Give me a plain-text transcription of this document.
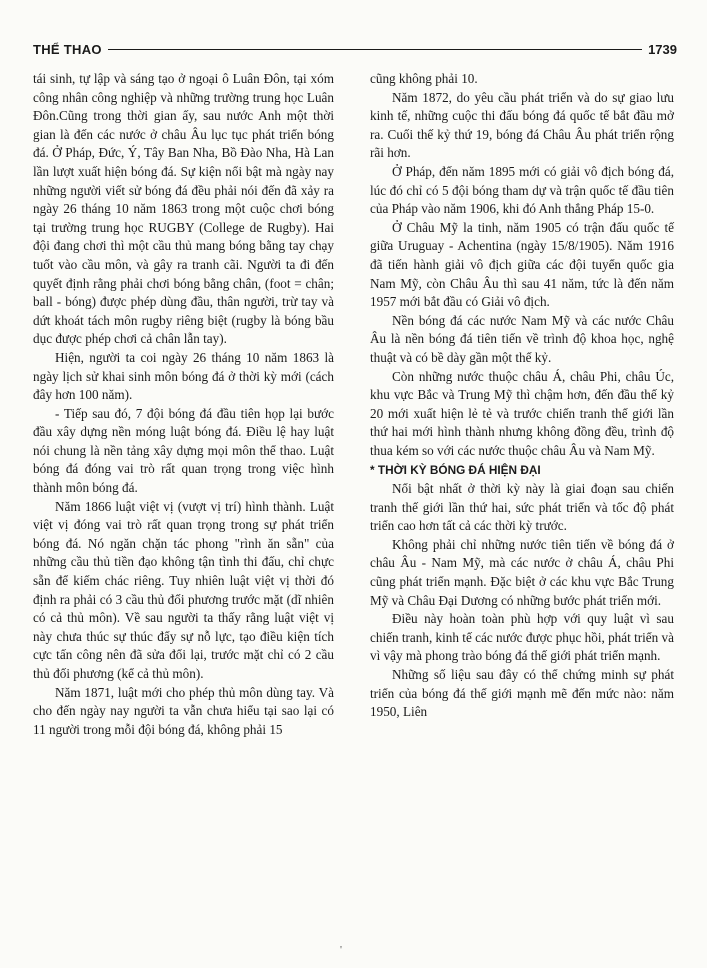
THỂ THAO	1739

tái sinh, tự lập và sáng tạo ở ngoại ô Luân Đôn, tại xóm công nhân công nghiệp và những trường trung học Luân Đôn.Cũng trong thời gian ấy, sau nước Anh một thời gian là đến các nước ở châu Âu lục tục phát triển bóng đá. Ở Pháp, Đức, Ý, Tây Ban Nha, Bồ Đào Nha, Hà Lan lần lượt xuất hiện bóng đá. Sự kiện nổi bật mà ngày nay những người viết sử bóng đá đều phải nói đến đã xảy ra ngày 26 tháng 10 năm 1863 trong một cuộc chơi bóng tại trường trung học RUGBY (College de Rugby). Hai đội đang chơi thì một cầu thủ mang bóng bằng tay chạy tuốt vào cầu môn, và gây ra tranh cãi. Người ta đi đến quyết định rằng phải chơi bóng bằng chân, (foot = chân; ball - bóng) được phép dùng đầu, thân người, trừ tay và dứt khoát tách môn rugby riêng biệt (rugby là bóng bầu dục được phép chơi cả chân lẫn tay).

Hiện, người ta coi ngày 26 tháng 10 năm 1863 là ngày lịch sử khai sinh môn bóng đá ở thời kỳ mới (cách đây hơn 100 năm).

- Tiếp sau đó, 7 đội bóng đá đầu tiên họp lại bước đầu xây dựng nền móng luật bóng đá. Điều lệ hay luật nói chung là nền tảng xây dựng mọi môn thể thao. Luật bóng đá đóng vai trò rất quan trọng trong việc hình thành môn bóng đá.

Năm 1866 luật việt vị (vượt vị trí) hình thành. Luật việt vị đóng vai trò rất quan trọng trong sự phát triển bóng đá. Nó ngăn chặn tác phong "rình ăn sẵn" của những cầu thủ tiền đạo không tận tình thi đấu, chỉ chực sẵn để kiếm chác riêng. Tuy nhiên luật việt vị thời đó định ra phải có 3 cầu thủ đối phương trước mặt (dĩ nhiên có cả thủ môn). Về sau người ta thấy rằng luật việt vị này chưa thúc sự thúc đẩy sự nỗ lực, tạo điều kiện tích cực tấn công nên đã sửa đổi lại, trước mặt chỉ có 2 cầu thủ đối phương (kể cả thủ môn).

Năm 1871, luật mới cho phép thủ môn dùng tay. Và cho đến ngày nay người ta vẫn chưa hiểu tại sao lại có 11 người trong mỗi đội bóng đá, không phải 15

cũng không phải 10.

Năm 1872, do yêu cầu phát triển và do sự giao lưu kinh tế, những cuộc thi đấu bóng đá quốc tế bắt đầu mở ra. Cuối thế kỷ thứ 19, bóng đá Châu Âu phát triển rộng rãi hơn.

Ở Pháp, đến năm 1895 mới có giải vô địch bóng đá, lúc đó chỉ có 5 đội bóng tham dự và trận quốc tế đầu tiên của Pháp vào năm 1906, khi đó Anh thắng Pháp 15-0.

Ở Châu Mỹ la tinh, năm 1905 có trận đấu quốc tế giữa Uruguay - Achentina (ngày 15/8/1905). Năm 1916 đã tiến hành giải vô địch giữa các đội tuyển quốc gia Nam Mỹ, còn Châu Âu thì sau 41 năm, tức là đến năm 1957 mới bắt đầu có Giải vô địch.

Nền bóng đá các nước Nam Mỹ và các nước Châu Âu là nền bóng đá tiên tiến về trình độ khoa học, nghệ thuật và có bề dày gần một thế kỷ.

Còn những nước thuộc châu Á, châu Phi, châu Úc, khu vực Bắc và Trung Mỹ thì chậm hơn, đến đầu thế kỷ 20 mới xuất hiện lẻ tẻ và trước chiến tranh thế giới lần thứ hai mới hình thành nhưng không đồng đều, trình độ thua kém so với các nước thuộc châu Âu và Nam Mỹ.

* THỜI KỲ BÓNG ĐÁ HIỆN ĐẠI

Nổi bật nhất ở thời kỳ này là giai đoạn sau chiến tranh thế giới lần thứ hai, sức phát triển và tốc độ phát triển cao hơn tất cả các thời kỳ trước.

Không phải chỉ những nước tiên tiến về bóng đá ở châu Âu - Nam Mỹ, mà các nước ở châu Á, châu Phi cũng phát triển mạnh. Đặc biệt ở các khu vực Bắc Trung Mỹ và Châu Đại Dương có những bước phát triển mới.

Điều này hoàn toàn phù hợp với quy luật vì sau chiến tranh, kinh tế các nước được phục hồi, phát triển và vì vậy mà phong trào bóng đá thế giới phát triển mạnh.

Những số liệu sau đây có thể chứng minh sự phát triển của bóng đá thế giới mạnh mẽ đến mức nào: năm 1950, Liên

'
